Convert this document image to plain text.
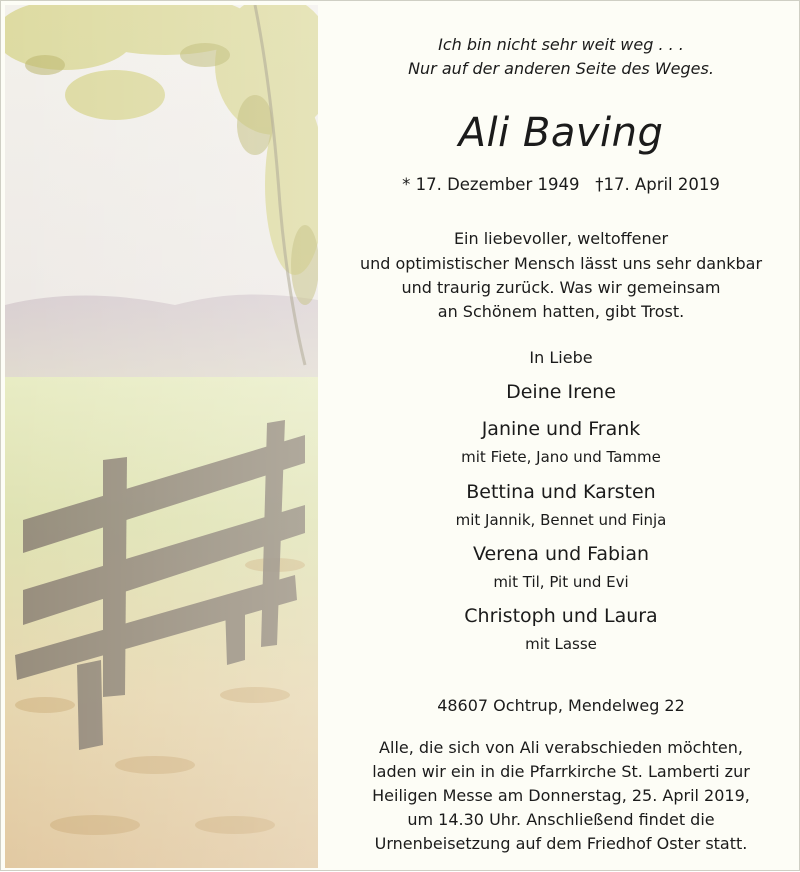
Ich bin nicht sehr weit weg . . .
Nur auf der anderen Seite des Weges.
Ali Baving
* 17. Dezember 1949   †17. April 2019
Ein liebevoller, weltoffener
und optimistischer Mensch lässt uns sehr dankbar
und traurig zurück. Was wir gemeinsam
an Schönem hatten, gibt Trost.
In Liebe
Deine Irene
Janine und Frank
mit Fiete, Jano und Tamme
Bettina und Karsten
mit Jannik, Bennet und Finja
Verena und Fabian
mit Til, Pit und Evi
Christoph und Laura
mit Lasse
48607 Ochtrup, Mendelweg 22
Alle, die sich von Ali verabschieden möchten,
laden wir ein in die Pfarrkirche St. Lamberti zur
Heiligen Messe am Donnerstag, 25. April 2019,
um 14.30 Uhr. Anschließend findet die
Urnenbeisetzung auf dem Friedhof Oster statt.
